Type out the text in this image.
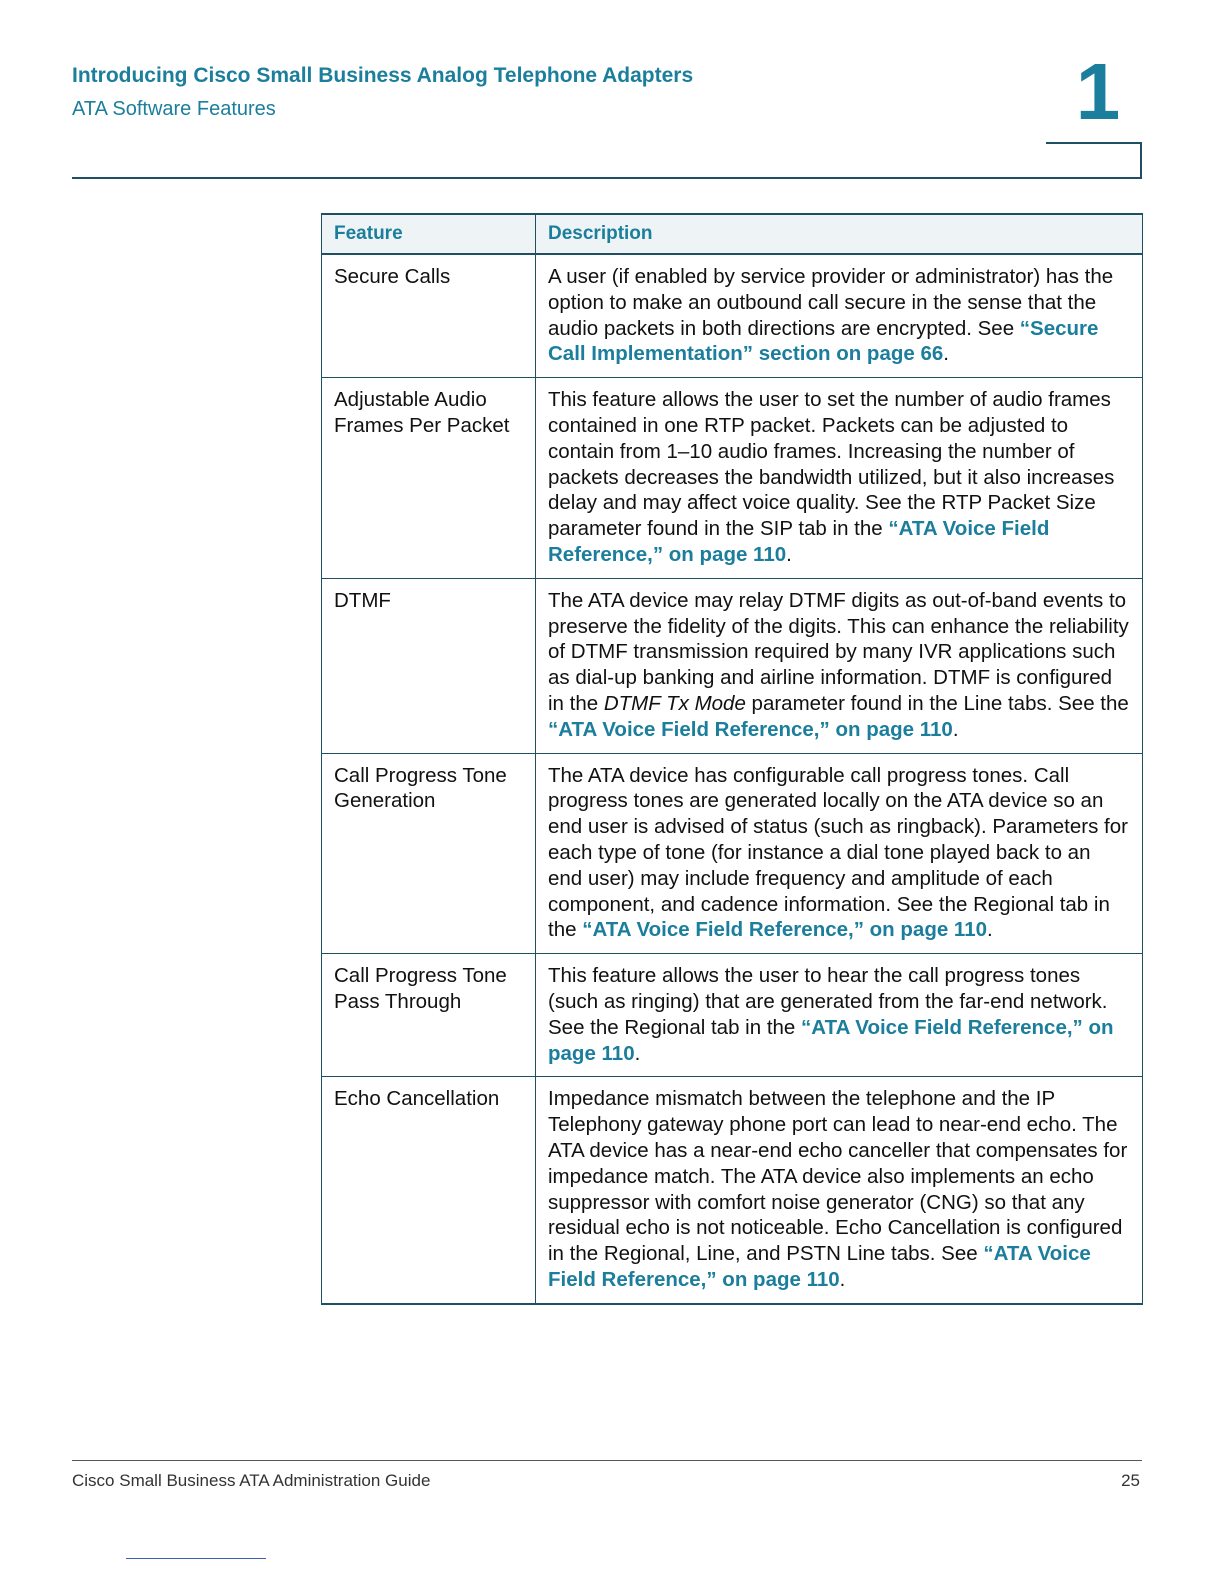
Introducing Cisco Small Business Analog Telephone Adapters
ATA Software Features	1
Feature	Description
Secure Calls	A user (if enabled by service provider or administrator) has the option to make an outbound call secure in the sense that the audio packets in both directions are encrypted. See “Secure Call Implementation” section on page 66.
Adjustable Audio Frames Per Packet	This feature allows the user to set the number of audio frames contained in one RTP packet. Packets can be adjusted to contain from 1–10 audio frames. Increasing the number of packets decreases the bandwidth utilized, but it also increases delay and may affect voice quality. See the RTP Packet Size parameter found in the SIP tab in the “ATA Voice Field Reference,” on page 110.
DTMF	The ATA device may relay DTMF digits as out-of-band events to preserve the fidelity of the digits. This can enhance the reliability of DTMF transmission required by many IVR applications such as dial-up banking and airline information. DTMF is configured in the DTMF Tx Mode parameter found in the Line tabs. See the “ATA Voice Field Reference,” on page 110.
Call Progress Tone Generation	The ATA device has configurable call progress tones. Call progress tones are generated locally on the ATA device so an end user is advised of status (such as ringback). Parameters for each type of tone (for instance a dial tone played back to an end user) may include frequency and amplitude of each component, and cadence information. See the Regional tab in the “ATA Voice Field Reference,” on page 110.
Call Progress Tone Pass Through	This feature allows the user to hear the call progress tones (such as ringing) that are generated from the far-end network. See the Regional tab in the “ATA Voice Field Reference,” on page 110.
Echo Cancellation	Impedance mismatch between the telephone and the IP Telephony gateway phone port can lead to near-end echo. The ATA device has a near-end echo canceller that compensates for impedance match. The ATA device also implements an echo suppressor with comfort noise generator (CNG) so that any residual echo is not noticeable. Echo Cancellation is configured in the Regional, Line, and PSTN Line tabs. See “ATA Voice Field Reference,” on page 110.
Cisco Small Business ATA Administration Guide	25
